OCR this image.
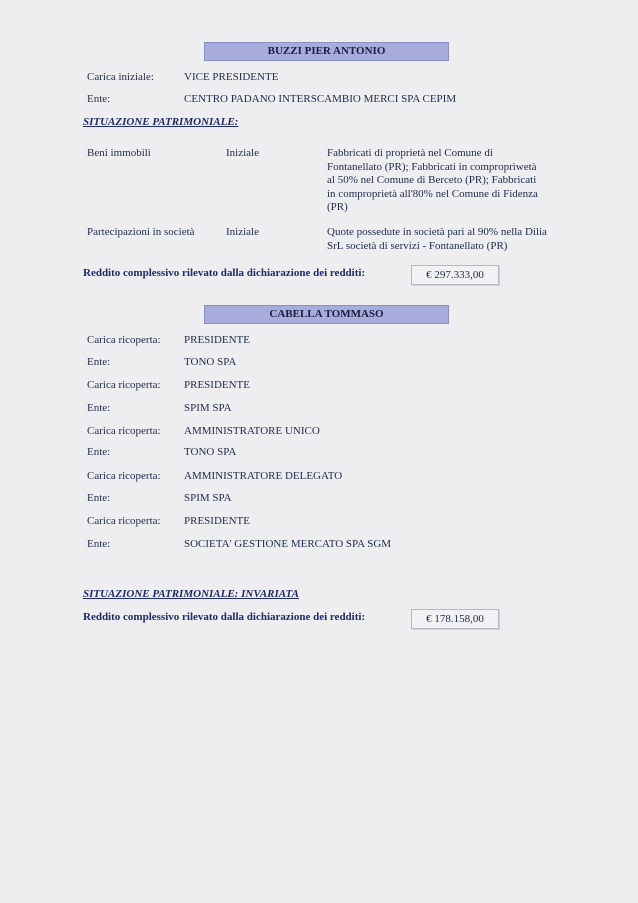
BUZZI PIER ANTONIO
Carica iniziale:	VICE PRESIDENTE
Ente:	CENTRO PADANO INTERSCAMBIO MERCI SPA CEPIM
SITUAZIONE PATRIMONIALE:
Beni immobili	Iniziale	Fabbricati di proprietà nel Comune di
Fontanellato (PR); Fabbricati in comproprìwetà
al 50% nel Comune di Berceto (PR); Fabbricati
in comproprietà all'80% nel Comune di Fidenza
(PR)
Partecipazioni in società	Iniziale	Quote possedute in società pari al 90% nella Dilia
SrL società di servizi - Fontanellato (PR)
Reddito complessivo rilevato dalla dichiarazione dei redditi:	€ 297.333,00
CABELLA TOMMASO
Carica ricoperta: PRESIDENTE
Ente:	TONO SPA
Carica ricoperta: PRESIDENTE
Ente:	SPIM SPA
Carica ricoperta: AMMINISTRATORE UNICO
Ente:	TONO SPA
Carica ricoperta: AMMINISTRATORE DELEGATO
Ente:	SPIM SPA
Carica ricoperta: PRESIDENTE
Ente:	SOCIETA' GESTIONE MERCATO SPA SGM
SITUAZIONE PATRIMONIALE: INVARIATA
Reddito complessivo rilevato dalla dichiarazione dei redditi:	€ 178.158,00
